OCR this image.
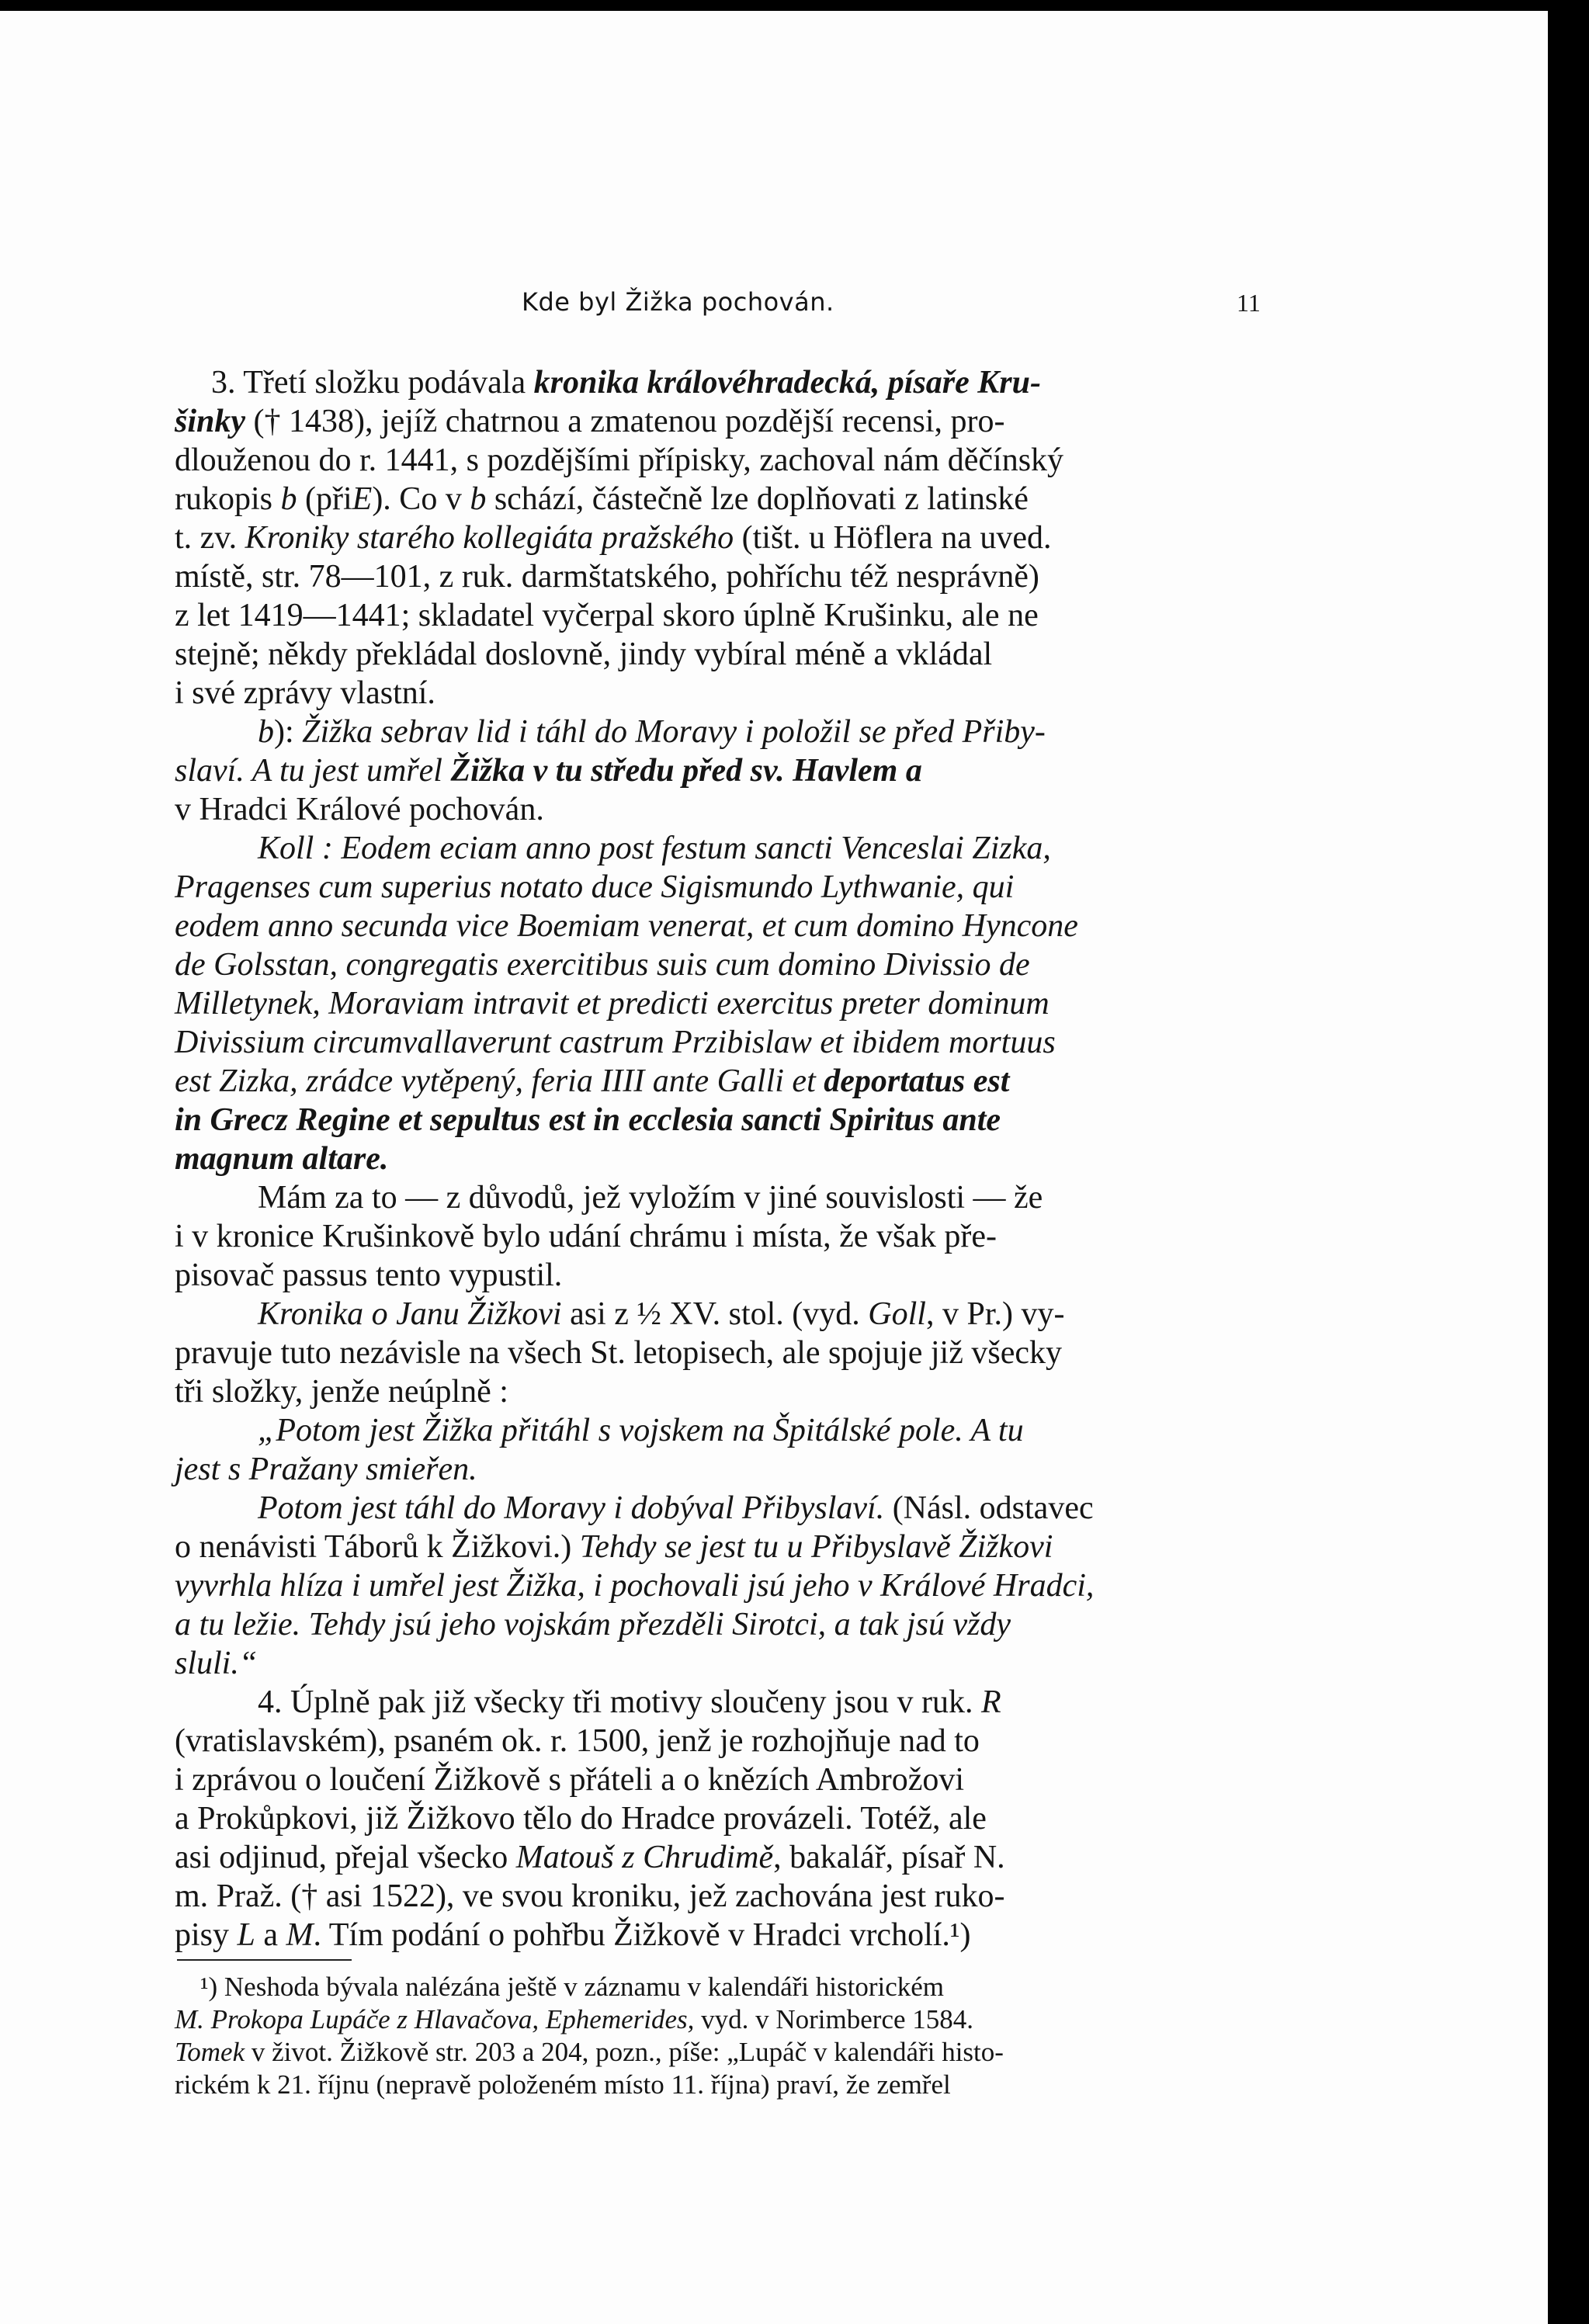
Kde byl Žižka pochován.	11
3. Třetí složku podávala kronika královéhradecká, písaře Kru-
šinky († 1438), jejíž chatrnou a zmatenou pozdější recensi, pro-
dlouženou do r. 1441, s pozdějšími přípisky, zachoval nám děčínský
rukopis b (přiE). Co v b schází, částečně lze doplňovati z latinské
t. zv. Kroniky starého kollegiáta pražského (tišt. u Höflera na uved.
místě, str. 78—101, z ruk. darmštatského, pohříchu též nesprávně)
z let 1419—1441; skladatel vyčerpal skoro úplně Krušinku, ale ne
stejně; někdy překládal doslovně, jindy vybíral méně a vkládal
i své zprávy vlastní.
b): Žižka sebrav lid i táhl do Moravy i položil se před Přiby-
slaví. A tu jest umřel Žižka v tu středu před sv. Havlem a
v Hradci Králové pochován.
Koll : Eodem eciam anno post festum sancti Venceslai Zizka,
Pragenses cum superius notato duce Sigismundo Lythwanie, qui
eodem anno secunda vice Boemiam venerat, et cum domino Hyncone
de Golsstan, congregatis exercitibus suis cum domino Divissio de
Milletynek, Moraviam intravit et predicti exercitus preter dominum
Divissium circumvallaverunt castrum Przibislaw et ibidem mortuus
est Zizka, zrádce vytěpený, feria IIII ante Galli et deportatus est
in Grecz Regine et sepultus est in ecclesia sancti Spiritus ante
magnum altare.
Mám za to — z důvodů, jež vyložím v jiné souvislosti — že
i v kronice Krušinkově bylo udání chrámu i místa, že však pře-
pisovač passus tento vypustil.
Kronika o Janu Žižkovi asi z ½ XV. stol. (vyd. Goll, v Pr.) vy-
pravuje tuto nezávisle na všech St. letopisech, ale spojuje již všecky
tři složky, jenže neúplně :
„Potom jest Žižka přitáhl s vojskem na Špitálské pole. A tu
jest s Pražany smieřen.
Potom jest táhl do Moravy i dobýval Přibyslaví. (Násl. odstavec
o nenávisti Táborů k Žižkovi.) Tehdy se jest tu u Přibyslavě Žižkovi
vyvrhla hlíza i umřel jest Žižka, i pochovali jsú jeho v Králové Hradci,
a tu ležie. Tehdy jsú jeho vojskám přezděli Sirotci, a tak jsú vždy
sluli.“
4. Úplně pak již všecky tři motivy sloučeny jsou v ruk. R
(vratislavském), psaném ok. r. 1500, jenž je rozhojňuje nad to
i zprávou o loučení Žižkově s přáteli a o knězích Ambrožovi
a Prokůpkovi, již Žižkovo tělo do Hradce provázeli. Totéž, ale
asi odjinud, přejal všecko Matouš z Chrudimě, bakalář, písař N.
m. Praž. († asi 1522), ve svou kroniku, jež zachována jest ruko-
pisy L a M. Tím podání o pohřbu Žižkově v Hradci vrcholí.¹)
¹) Neshoda bývala nalézána ještě v záznamu v kalendáři historickém
M. Prokopa Lupáče z Hlavačova, Ephemerides, vyd. v Norimberce 1584.
Tomek v život. Žižkově str. 203 a 204, pozn., píše: „Lupáč v kalendáři histo-
rickém k 21. říjnu (nepravě položeném místo 11. října) praví, že zemřel
